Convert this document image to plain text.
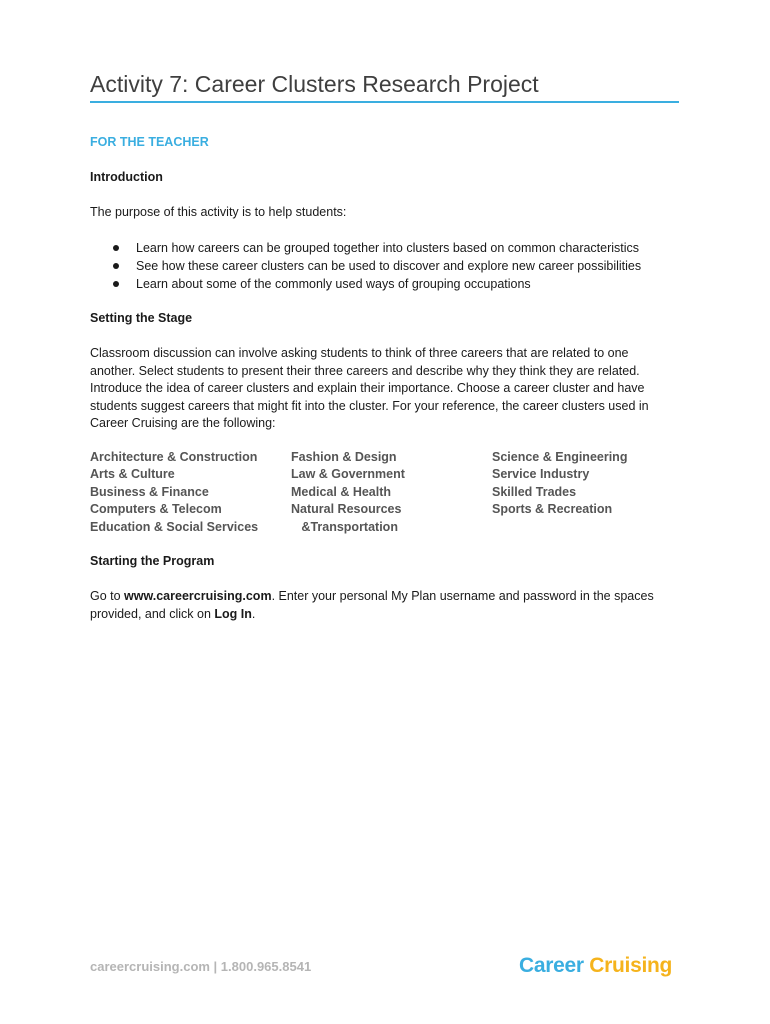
Activity 7: Career Clusters Research Project

FOR THE TEACHER

Introduction

The purpose of this activity is to help students:

Learn how careers can be grouped together into clusters based on common characteristics
See how these career clusters can be used to discover and explore new career possibilities
Learn about some of the commonly used ways of grouping occupations

Setting the Stage

Classroom discussion can involve asking students to think of three careers that are related to one another. Select students to present their three careers and describe why they think they are related. Introduce the idea of career clusters and explain their importance. Choose a career cluster and have students suggest careers that might fit into the cluster. For your reference, the career clusters used in Career Cruising are the following:

Architecture & Construction
Arts & Culture
Business & Finance
Computers & Telecom
Education & Social Services
Fashion & Design
Law & Government
Medical & Health
Natural Resources
&Transportation
Science & Engineering
Service Industry
Skilled Trades
Sports & Recreation

Starting the Program

Go to www.careercruising.com. Enter your personal My Plan username and password in the spaces provided, and click on Log In.

careercruising.com | 1.800.965.8541	Career Cruising
